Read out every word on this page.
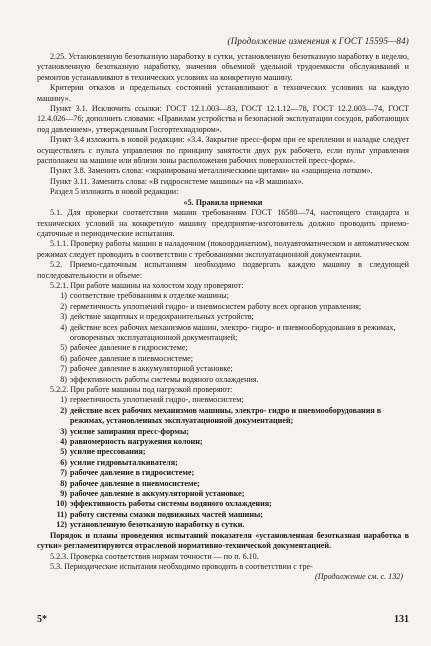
(Продолжение изменения к ГОСТ 15595—84)

2.25. Установленную безотказную наработку в сутки, установленную безотказную наработку в неделю, установленную безотказную наработку, значения объемной удельной трудоемкости обслуживаний и ремонтов устанавливают в технических условиях на конкретную машину.

Критерии отказов и предельных состояний устанавливают в технических условиях на каждую машину».

Пункт 3.1. Исключить ссылки: ГОСТ 12.1.003—83, ГОСТ 12.1.12—78, ГОСТ 12.2.003—74, ГОСТ 12.4.026—76; дополнить словами: «Правилам устройства и безопасной эксплуатации сосудов, работающих под давлением», утвержденным Госгортехнадзором».

Пункт 3.4 изложить в новой редакции: «3.4. Закрытие пресс-форм при ее креплении и наладке следует осуществлять с пульта управления по принципу занятости двух рук рабочего, если пульт управления расположен на машине или вблизи зоны расположения рабочих поверхностей пресс-форм».

Пункт 3.8. Заменить слова: «экранирована металлическими щитами» на «защищена лотком».

Пункт 3.11. Заменить слова: «В гидросистеме машины» на «В машинах».

Раздел 5 изложить в новой редакции:

«5. Правила приемки

5.1. Для проверки соответствия машин требованиям ГОСТ 16580—74, настоящего стандарта и технических условий на конкретную машину предприятие-изготовитель должно проводить приемо-сдаточные и периодические испытания.

5.1.1. Проверку работы машин в наладочном (покоординатном), полуавтоматическом и автоматическом режимах следует проводить в соответствии с требованиями эксплуатационной документации.

5.2. Приемо-сдаточным испытаниям необходимо подвергать каждую машину в следующей последовательности и объеме:

5.2.1. При работе машины на холостом ходу проверяют:

1) соответствие требованиям к отделке машины;
2) герметичность уплотнений гидро- и пневмосистем работу всех органов управления;
3) действие защитных и предохранительных устройств;
4) действие всех рабочих механизмов машин, электро- гидро- и пневмооборудования в режимах, оговоренных эксплуатационной документацией;
5) рабочее давление в гидросистеме;
6) рабочее давление в пневмосистеме;
7) рабочее давление в аккумуляторной установке;
8) эффективность работы системы водяного охлаждения.

5.2.2. При работе машины под нагрузкой проверяют:

1) герметичность уплотнений гидро-, пневмосистем;
2) действие всех рабочих механизмов машины, электро- гидро и пневмооборудования в режимах, установленных эксплуатационной документацией;
3) усилие запирания пресс-формы;
4) равномерность нагружения колонн;
5) усилие прессования;
6) усилие гидровыталкивателя;
7) рабочее давление в гидросистеме;
8) рабочее давление в пневмосистеме;
9) рабочее давление в аккумуляторной установке;
10) эффективность работы системы водяного охлаждения;
11) работу системы смазки подвижных частей машины;
12) установленную безотказную наработку в сутки.

Порядок и планы проведения испытаний показателя «установленная безотказная наработка в сутки» регламентируются отраслевой нормативно-технической документацией.

5.2.3. Проверка соответствия нормам точности — по п. 6.10.

5.3. Периодические испытания необходимо проводить в соответствии с тре-

(Продолжение см. с. 132)

5*	131
